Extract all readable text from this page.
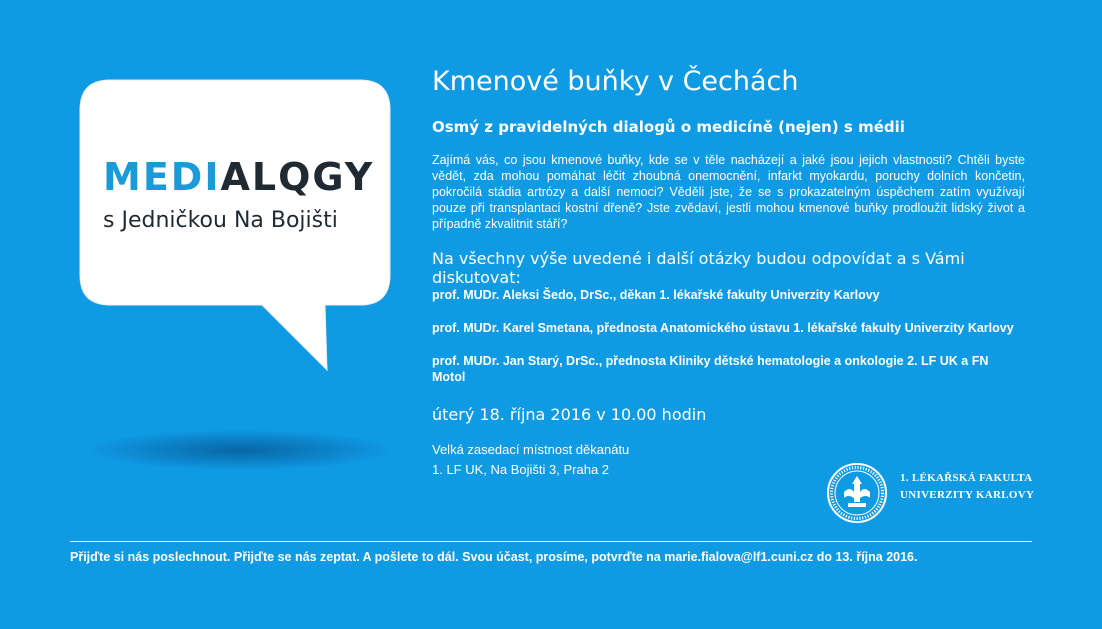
MEDIALQGY
s Jedničkou Na Bojišti
Kmenové buňky v Čechách
Osmý z pravidelných dialogů o medicíně (nejen) s médii
Zajímá vás, co jsou kmenové buňky, kde se v těle nacházejí a jaké jsou jejich vlastnosti? Chtěli byste vědět, zda mohou pomáhat léčit zhoubná onemocnění, infarkt myokardu, poruchy dolních končetin, pokročilá stádia artrózy a další nemoci? Věděli jste, že se s prokazatelným úspěchem zatím využívají pouze při transplantaci kostní dřeně? Jste zvědaví, jestli mohou kmenové buňky prodloužit lidský život a případně zkvalitnit stáří?
Na všechny výše uvedené i další otázky budou odpovídat a s Vámi diskutovat:
prof. MUDr. Aleksi Šedo, DrSc., děkan 1. lékařské fakulty Univerzity Karlovy
prof. MUDr. Karel Smetana, přednosta Anatomického ústavu 1. lékařské fakulty Univerzity Karlovy
prof. MUDr. Jan Starý, DrSc., přednosta Kliniky dětské hematologie a onkologie 2. LF UK a FN Motol
úterý 18. října 2016 v 10.00 hodin
Velká zasedací místnost děkanátu
1. LF UK, Na Bojišti 3, Praha 2
1. LÉKAŘSKÁ FAKULTA
UNIVERZITY KARLOVY
Přijďte si nás poslechnout. Přijďte se nás zeptat. A pošlete to dál. Svou účast, prosíme, potvrďte na marie.fialova@lf1.cuni.cz do 13. října 2016.
